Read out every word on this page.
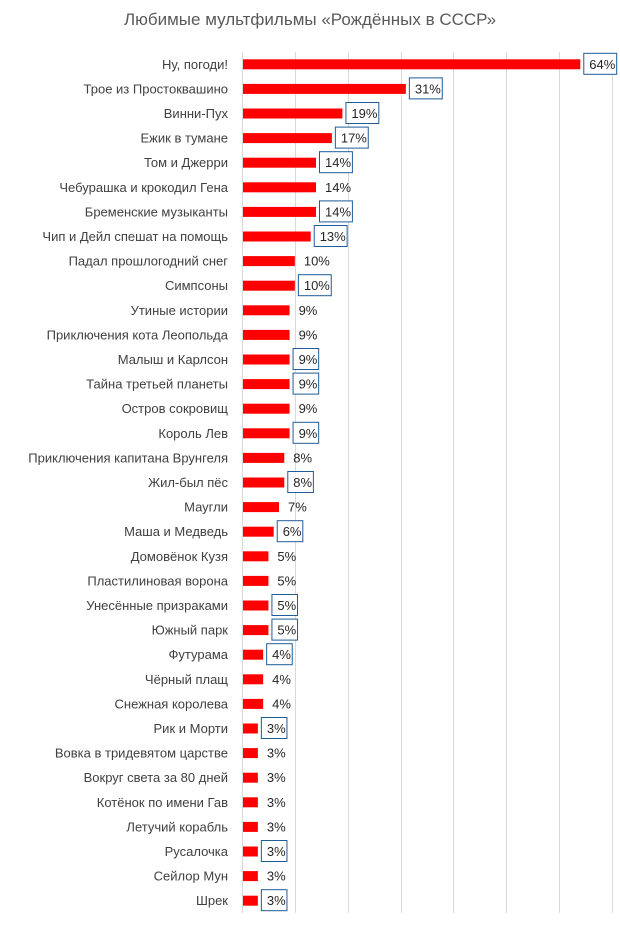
Любимые мультфильмы «Рождённых в СССР»
Ну, погоди!	64%
Трое из Простоквашино	31%
Винни-Пух	19%
Ежик в тумане	17%
Том и Джерри	14%
Чебурашка и крокодил Гена	14%
Бременские музыканты	14%
Чип и Дейл спешат на помощь	13%
Падал прошлогодний снег	10%
Симпсоны	10%
Утиные истории	9%
Приключения кота Леопольда	9%
Малыш и Карлсон	9%
Тайна третьей планеты	9%
Остров сокровищ	9%
Король Лев	9%
Приключения капитана Врунгеля	8%
Жил-был пёс	8%
Маугли	7%
Маша и Медведь	6%
Домовёнок Кузя	5%
Пластилиновая ворона	5%
Унесённые призраками	5%
Южный парк	5%
Футурама	4%
Чёрный плащ	4%
Снежная королева	4%
Рик и Морти	3%
Вовка в тридевятом царстве	3%
Вокруг света за 80 дней	3%
Котёнок по имени Гав	3%
Летучий корабль	3%
Русалочка	3%
Сейлор Мун	3%
Шрек	3%
